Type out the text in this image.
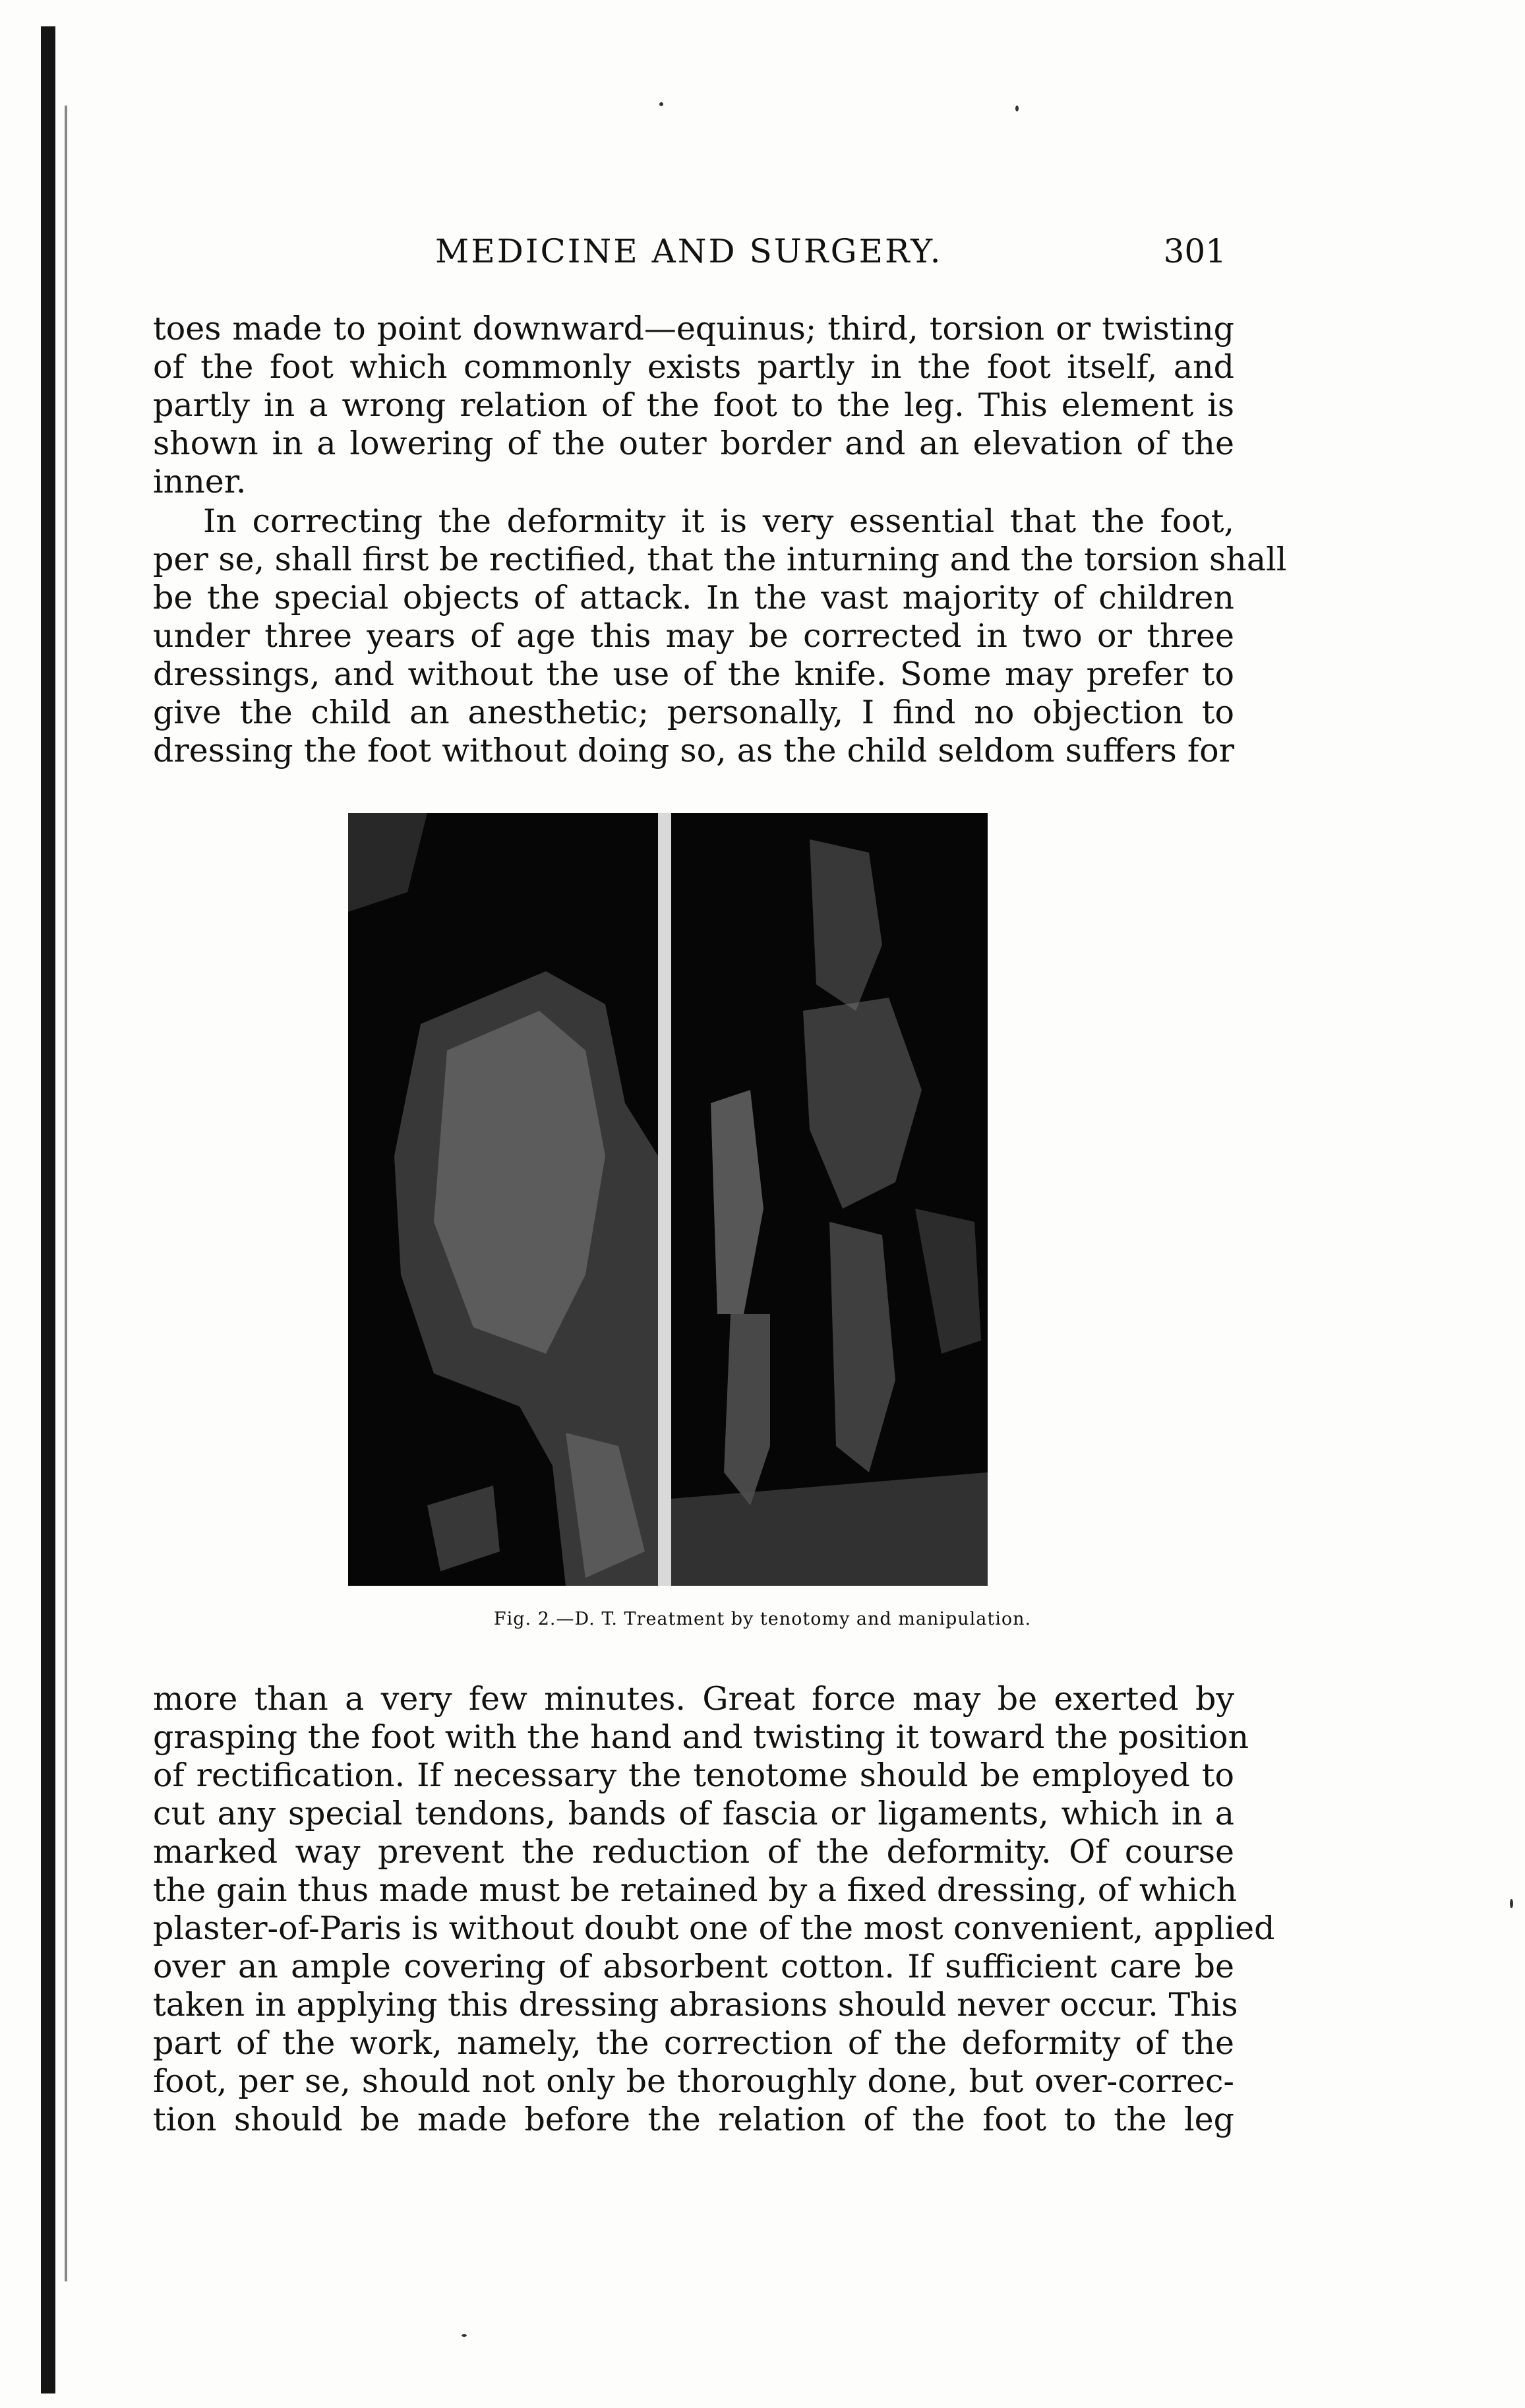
MEDICINE AND SURGERY.	301
toes made to point downward—equinus; third, torsion or twisting
of the foot which commonly exists partly in the foot itself, and
partly in a wrong relation of the foot to the leg. This element is
shown in a lowering of the outer border and an elevation of the
inner.
In correcting the deformity it is very essential that the foot,
per se, shall first be rectified, that the inturning and the torsion shall
be the special objects of attack. In the vast majority of children
under three years of age this may be corrected in two or three
dressings, and without the use of the knife. Some may prefer to
give the child an anesthetic; personally, I find no objection to
dressing the foot without doing so, as the child seldom suffers for
Fig. 2.—D. T. Treatment by tenotomy and manipulation.
more than a very few minutes. Great force may be exerted by
grasping the foot with the hand and twisting it toward the position
of rectification. If necessary the tenotome should be employed to
cut any special tendons, bands of fascia or ligaments, which in a
marked way prevent the reduction of the deformity. Of course
the gain thus made must be retained by a fixed dressing, of which
plaster-of-Paris is without doubt one of the most convenient, applied
over an ample covering of absorbent cotton. If sufficient care be
taken in applying this dressing abrasions should never occur. This
part of the work, namely, the correction of the deformity of the
foot, per se, should not only be thoroughly done, but over-correc-
tion should be made before the relation of the foot to the leg
